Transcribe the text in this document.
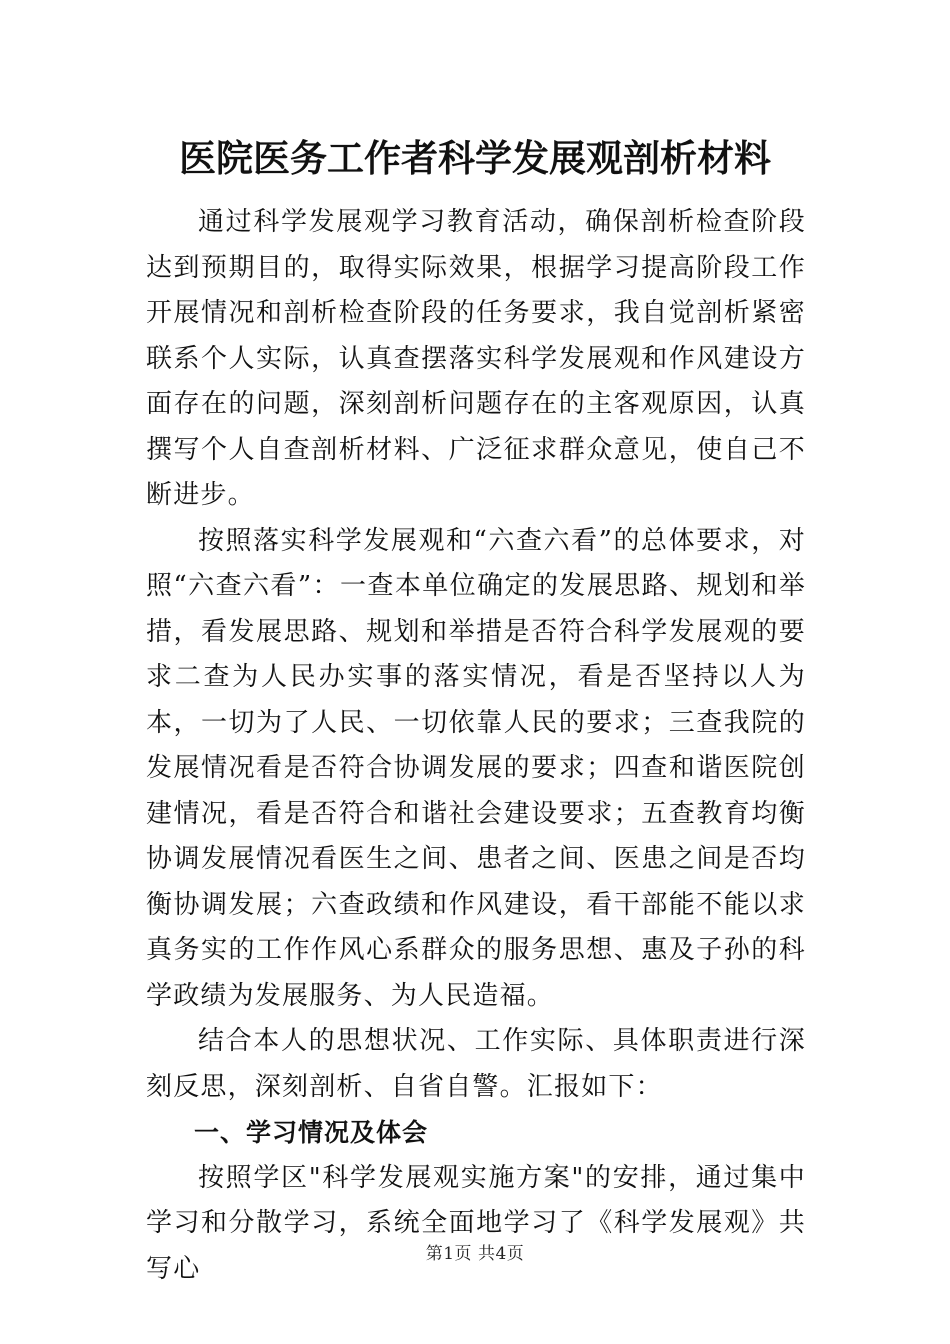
医院医务工作者科学发展观剖析材料

通过科学发展观学习教育活动，确保剖析检查阶段达到预期目的，取得实际效果，根据学习提高阶段工作开展情况和剖析检查阶段的任务要求，我自觉剖析紧密联系个人实际，认真查摆落实科学发展观和作风建设方面存在的问题，深刻剖析问题存在的主客观原因，认真撰写个人自查剖析材料、广泛征求群众意见，使自己不断进步。

按照落实科学发展观和“六查六看”的总体要求，对照“六查六看”：一查本单位确定的发展思路、规划和举措，看发展思路、规划和举措是否符合科学发展观的要求二查为人民办实事的落实情况，看是否坚持以人为本，一切为了人民、一切依靠人民的要求；三查我院的发展情况看是否符合协调发展的要求；四查和谐医院创建情况，看是否符合和谐社会建设要求；五查教育均衡协调发展情况看医生之间、患者之间、医患之间是否均衡协调发展；六查政绩和作风建设，看干部能不能以求真务实的工作作风心系群众的服务思想、惠及子孙的科学政绩为发展服务、为人民造福。

结合本人的思想状况、工作实际、具体职责进行深刻反思，深刻剖析、自省自警。汇报如下：

一、学习情况及体会

按照学区"科学发展观实施方案"的安排，通过集中学习和分散学习，系统全面地学习了《科学发展观》共写心	第1页 共4页
